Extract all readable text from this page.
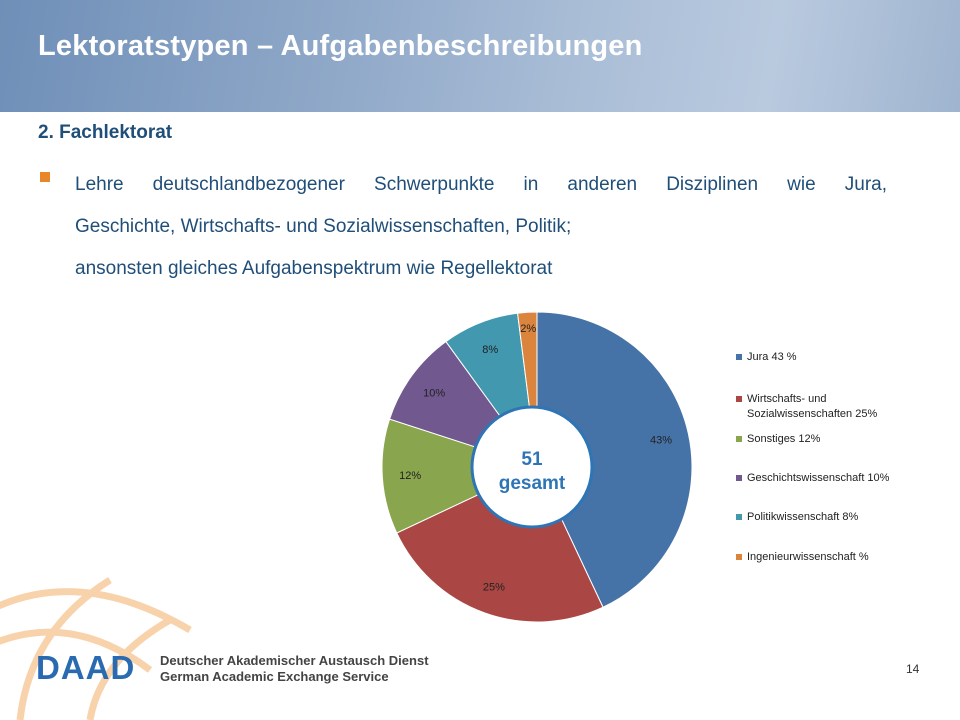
Lektoratstypen – Aufgabenbeschreibungen
2. Fachlektorat

Lehre deutschlandbezogener Schwerpunkte in anderen Disziplinen wie Jura,
Geschichte, Wirtschafts- und Sozialwissenschaften, Politik;
ansonsten gleiches Aufgabenspektrum wie Regellektorat

43%
25%
12%
10%
8%
2%
51
gesamt
Jura 43 %
Wirtschafts- und
Sozialwissenschaften 25%
Sonstiges 12%
Geschichtswissenschaft 10%
Politikwissenschaft 8%
Ingenieurwissenschaft %
DAAD Deutscher Akademischer Austausch Dienst
German Academic Exchange Service	14
